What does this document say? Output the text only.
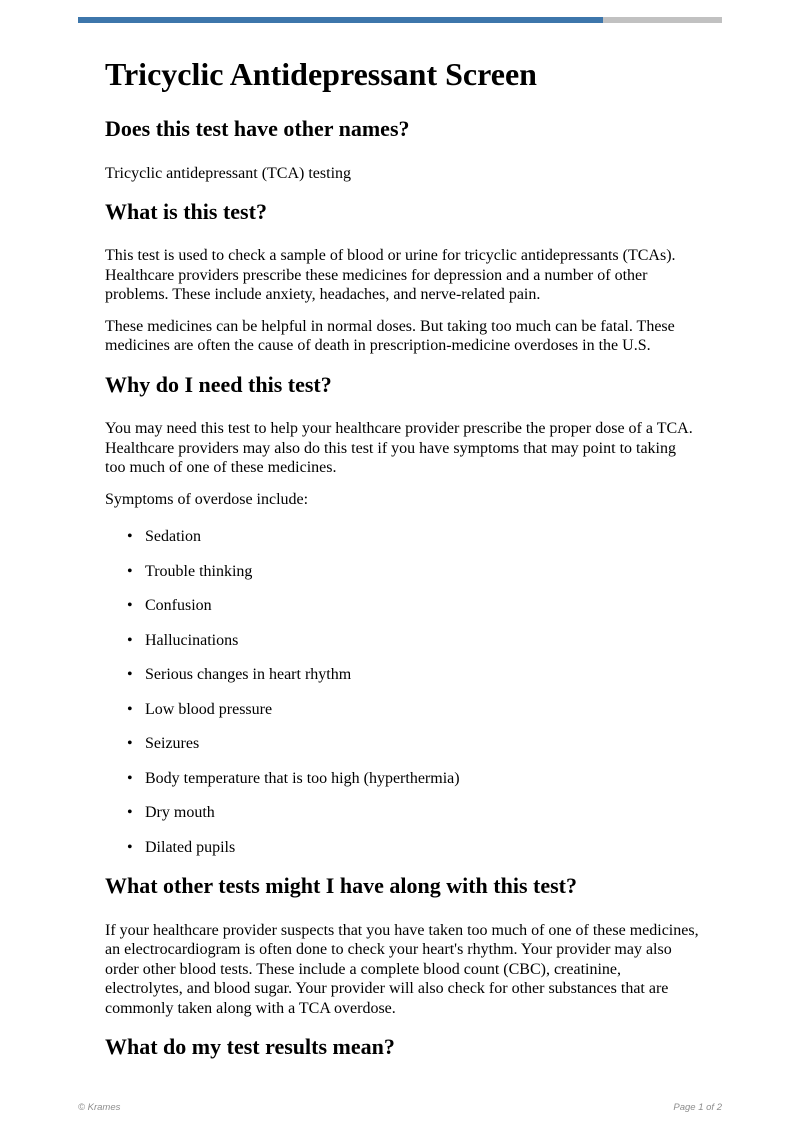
Tricyclic Antidepressant Screen
Does this test have other names?

Tricyclic antidepressant (TCA) testing

What is this test?

This test is used to check a sample of blood or urine for tricyclic antidepressants (TCAs). Healthcare providers prescribe these medicines for depression and a number of other problems. These include anxiety, headaches, and nerve-related pain.

These medicines can be helpful in normal doses. But taking too much can be fatal. These medicines are often the cause of death in prescription-medicine overdoses in the U.S.

Why do I need this test?

You may need this test to help your healthcare provider prescribe the proper dose of a TCA. Healthcare providers may also do this test if you have symptoms that may point to taking too much of one of these medicines.

Symptoms of overdose include:

• Sedation
• Trouble thinking
• Confusion
• Hallucinations
• Serious changes in heart rhythm
• Low blood pressure
• Seizures
• Body temperature that is too high (hyperthermia)
• Dry mouth
• Dilated pupils
What other tests might I have along with this test?

If your healthcare provider suspects that you have taken too much of one of these medicines, an electrocardiogram is often done to check your heart's rhythm. Your provider may also order other blood tests. These include a complete blood count (CBC), creatinine, electrolytes, and blood sugar. Your provider will also check for other substances that are commonly taken along with a TCA overdose.

What do my test results mean?
© Krames	Page 1 of 2
